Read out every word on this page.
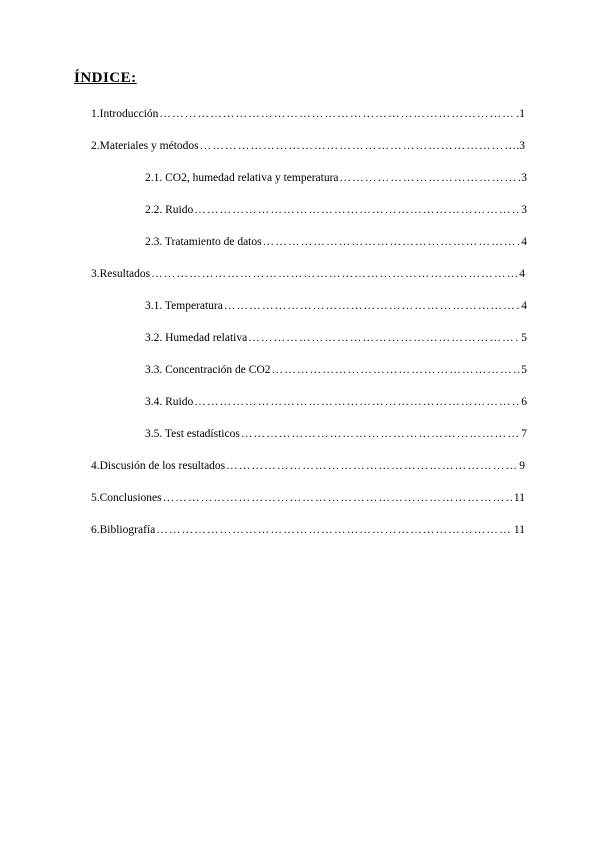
ÍNDICE:
1. Introducción ……………………………………………………………………………………………………………………………………………………………………………………………………	.1
2. Materiales y métodos ……………………………………………………………………………………………………………………………………………………………………………………………………	.3
2.1. CO2, humedad relativa y temperatura ……………………………………………………………………………………………………………………………………………………………………………………………………	3
2.2. Ruido ……………………………………………………………………………………………………………………………………………………………………………………………………	3
2.3. Tratamiento de datos ……………………………………………………………………………………………………………………………………………………………………………………………………	4
3. Resultados ……………………………………………………………………………………………………………………………………………………………………………………………………	4
3.1. Temperatura ……………………………………………………………………………………………………………………………………………………………………………………………………	4
3.2. Humedad relativa ……………………………………………………………………………………………………………………………………………………………………………………………………	5
3.3. Concentración de CO2 ……………………………………………………………………………………………………………………………………………………………………………………………………	5
3.4. Ruido ……………………………………………………………………………………………………………………………………………………………………………………………………	6
3.5. Test estadísticos ……………………………………………………………………………………………………………………………………………………………………………………………………	7
4. Discusión de los resultados ……………………………………………………………………………………………………………………………………………………………………………………………………	9
5. Conclusiones ……………………………………………………………………………………………………………………………………………………………………………………………………	11
6. Bibliografía ……………………………………………………………………………………………………………………………………………………………………………………………………	11
